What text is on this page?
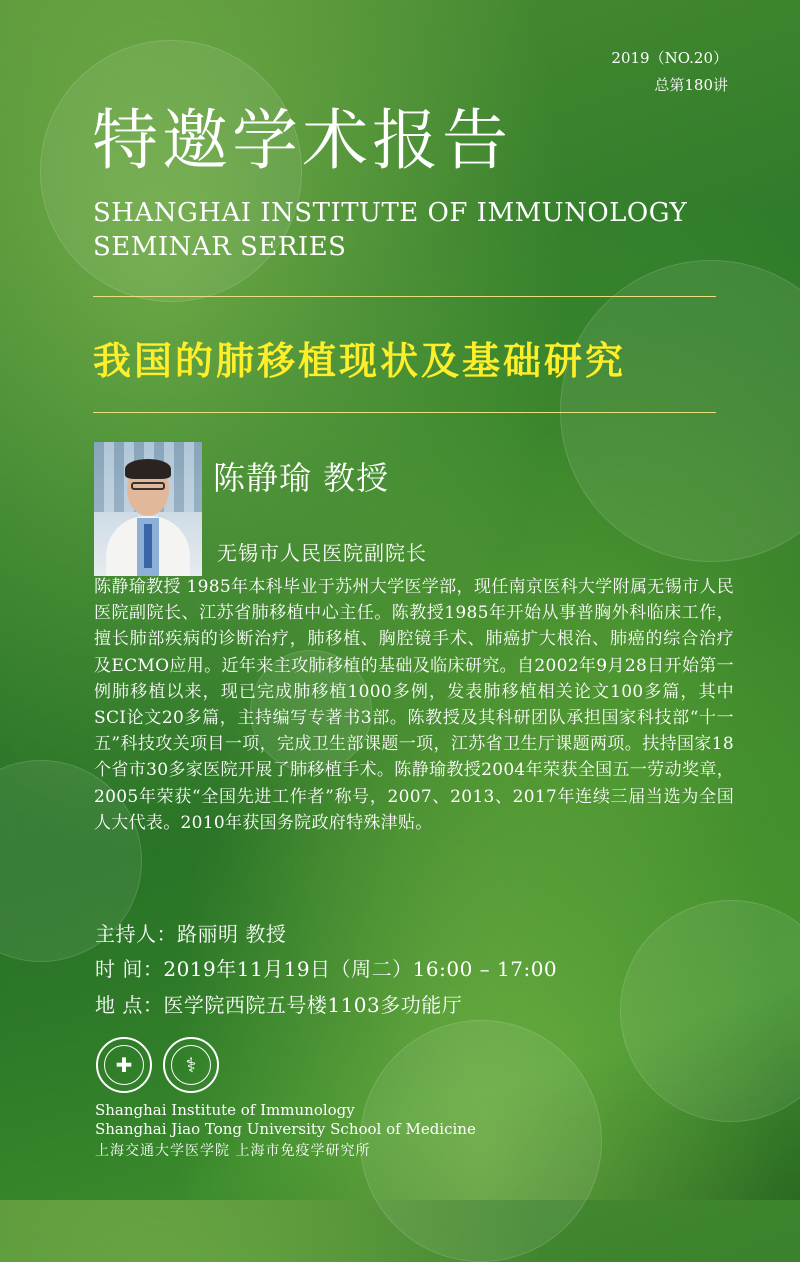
2019（NO.20）
总第180讲
特邀学术报告
SHANGHAI INSTITUTE OF IMMUNOLOGY
SEMINAR SERIES
我国的肺移植现状及基础研究
陈静瑜 教授
无锡市人民医院副院长
陈静瑜教授 1985年本科毕业于苏州大学医学部，现任南京医科大学附属无锡市人民医院副院长、江苏省肺移植中心主任。陈教授1985年开始从事普胸外科临床工作，擅长肺部疾病的诊断治疗，肺移植、胸腔镜手术、肺癌扩大根治、肺癌的综合治疗及ECMO应用。近年来主攻肺移植的基础及临床研究。自2002年9月28日开始第一例肺移植以来，现已完成肺移植1000多例，发表肺移植相关论文100多篇，其中SCI论文20多篇，主持编写专著书3部。陈教授及其科研团队承担国家科技部“十一五”科技攻关项目一项，完成卫生部课题一项，江苏省卫生厅课题两项。扶持国家18个省市30多家医院开展了肺移植手术。陈静瑜教授2004年荣获全国五一劳动奖章，2005年荣获“全国先进工作者”称号，2007、2013、2017年连续三届当选为全国人大代表。2010年获国务院政府特殊津贴。
主持人：路丽明 教授
时 间：2019年11月19日（周二）16:00 – 17:00
地 点：医学院西院五号楼1103多功能厅
✚	⚕
Shanghai Institute of Immunology
Shanghai Jiao Tong University School of Medicine
上海交通大学医学院 上海市免疫学研究所
